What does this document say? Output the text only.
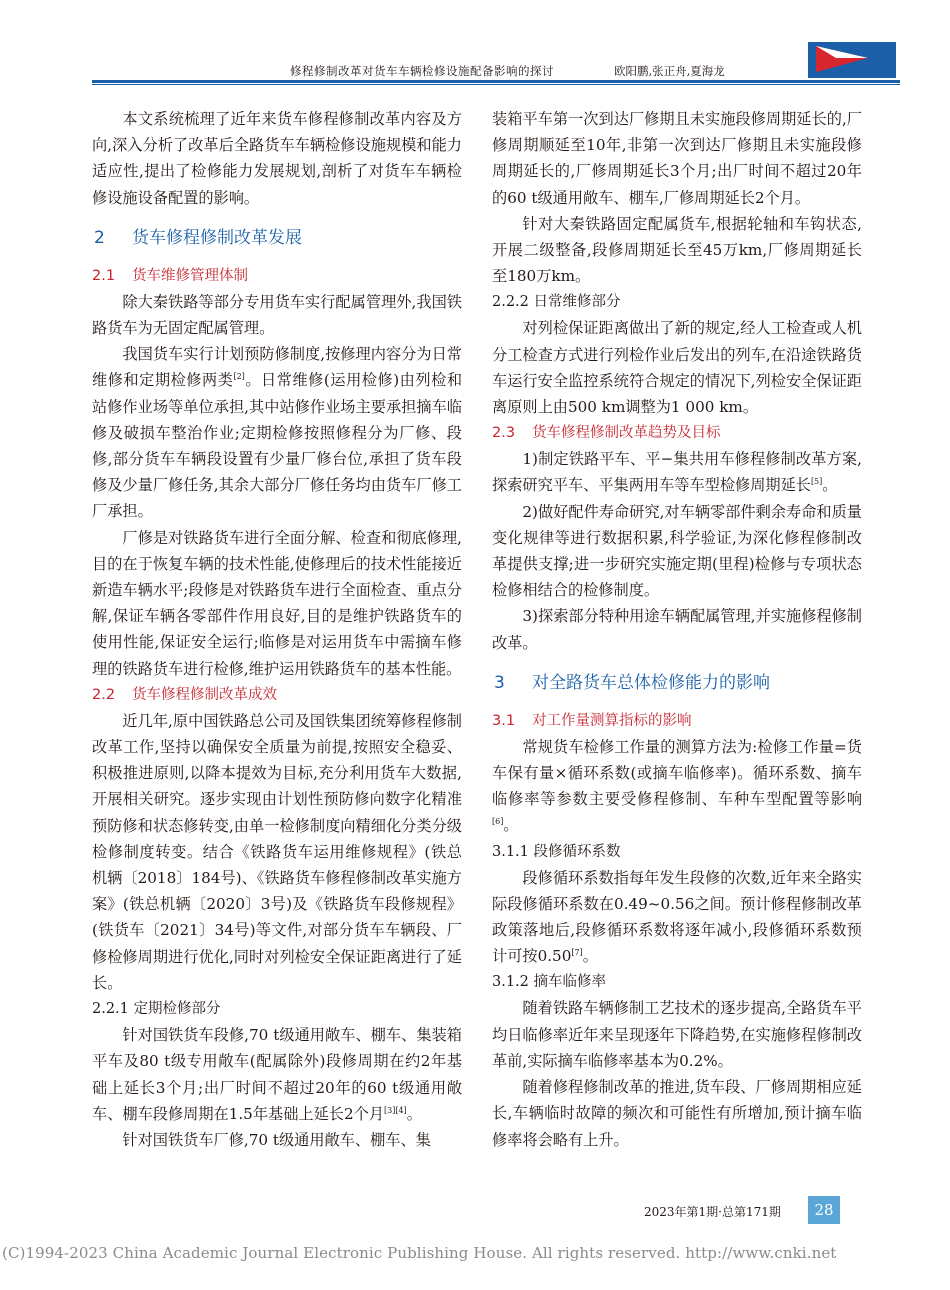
修程修制改革对货车车辆检修设施配备影响的探讨	欧阳鹏,张正舟,夏海龙

本文系统梳理了近年来货车修程修制改革内容及方向,深入分析了改革后全路货车车辆检修设施规模和能力适应性,提出了检修能力发展规划,剖析了对货车车辆检修设施设备配置的影响。

2 货车修程修制改革发展
2.1 货车维修管理体制

除大秦铁路等部分专用货车实行配属管理外,我国铁路货车为无固定配属管理。

我国货车实行计划预防修制度,按修理内容分为日常维修和定期检修两类[2]。日常维修(运用检修)由列检和站修作业场等单位承担,其中站修作业场主要承担摘车临修及破损车整治作业;定期检修按照修程分为厂修、段修,部分货车车辆段设置有少量厂修台位,承担了货车段修及少量厂修任务,其余大部分厂修任务均由货车厂修工厂承担。

厂修是对铁路货车进行全面分解、检查和彻底修理,目的在于恢复车辆的技术性能,使修理后的技术性能接近新造车辆水平;段修是对铁路货车进行全面检查、重点分解,保证车辆各零部件作用良好,目的是维护铁路货车的使用性能,保证安全运行;临修是对运用货车中需摘车修理的铁路货车进行检修,维护运用铁路货车的基本性能。

2.2 货车修程修制改革成效

近几年,原中国铁路总公司及国铁集团统筹修程修制改革工作,坚持以确保安全质量为前提,按照安全稳妥、积极推进原则,以降本提效为目标,充分利用货车大数据,开展相关研究。逐步实现由计划性预防修向数字化精准预防修和状态修转变,由单一检修制度向精细化分类分级检修制度转变。结合《铁路货车运用维修规程》(铁总机辆〔2018〕184号)、《铁路货车修程修制改革实施方案》(铁总机辆〔2020〕3号)及《铁路货车段修规程》(铁货车〔2021〕34号)等文件,对部分货车车辆段、厂修检修周期进行优化,同时对列检安全保证距离进行了延长。

2.2.1 定期检修部分

针对国铁货车段修,70 t级通用敞车、棚车、集装箱平车及80 t级专用敞车(配属除外)段修周期在约2年基础上延长3个月;出厂时间不超过20年的60 t级通用敞车、棚车段修周期在1.5年基础上延长2个月[3][4]。

针对国铁货车厂修,70 t级通用敞车、棚车、集

装箱平车第一次到达厂修期且未实施段修周期延长的,厂修周期顺延至10年,非第一次到达厂修期且未实施段修周期延长的,厂修周期延长3个月;出厂时间不超过20年的60 t级通用敞车、棚车,厂修周期延长2个月。

针对大秦铁路固定配属货车,根据轮轴和车钩状态,开展二级整备,段修周期延长至45万km,厂修周期延长至180万km。

2.2.2 日常维修部分

对列检保证距离做出了新的规定,经人工检查或人机分工检查方式进行列检作业后发出的列车,在沿途铁路货车运行安全监控系统符合规定的情况下,列检安全保证距离原则上由500 km调整为1 000 km。

2.3 货车修程修制改革趋势及目标

1)制定铁路平车、平−集共用车修程修制改革方案,探索研究平车、平集两用车等车型检修周期延长[5]。

2)做好配件寿命研究,对车辆零部件剩余寿命和质量变化规律等进行数据积累,科学验证,为深化修程修制改革提供支撑;进一步研究实施定期(里程)检修与专项状态检修相结合的检修制度。

3)探索部分特种用途车辆配属管理,并实施修程修制改革。

3 对全路货车总体检修能力的影响
3.1 对工作量测算指标的影响

常规货车检修工作量的测算方法为:检修工作量=货车保有量×循环系数(或摘车临修率)。循环系数、摘车临修率等参数主要受修程修制、车种车型配置等影响[6]。

3.1.1 段修循环系数

段修循环系数指每年发生段修的次数,近年来全路实际段修循环系数在0.49~0.56之间。预计修程修制改革政策落地后,段修循环系数将逐年减小,段修循环系数预计可按0.50[7]。

3.1.2 摘车临修率

随着铁路车辆修制工艺技术的逐步提高,全路货车平均日临修率近年来呈现逐年下降趋势,在实施修程修制改革前,实际摘车临修率基本为0.2%。

随着修程修制改革的推进,货车段、厂修周期相应延长,车辆临时故障的频次和可能性有所增加,预计摘车临修率将会略有上升。

2023年第1期·总第171期	28
(C)1994-2023 China Academic Journal Electronic Publishing House. All rights reserved. http://www.cnki.net
